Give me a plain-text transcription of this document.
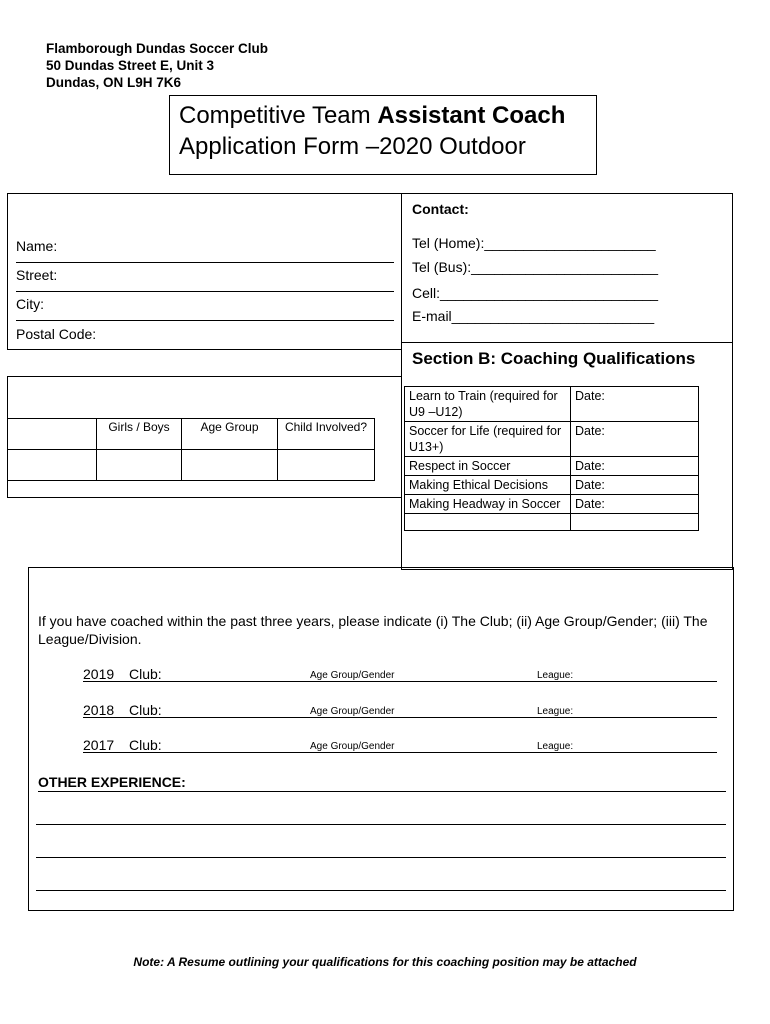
Flamborough Dundas Soccer Club
50 Dundas Street E, Unit 3
Dundas, ON L9H 7K6
Competitive Team Assistant Coach
Application Form –2020 Outdoor
Name:
Street:
City:
Postal Code:
Contact:
Tel (Home):______________________
Tel (Bus):________________________
Cell:____________________________
E-mail__________________________
Section B: Coaching Qualifications
Learn to Train (required for U9 –U12)	Date:
Soccer for Life (required for U13+)	Date:
Respect in Soccer	Date:
Making Ethical Decisions	Date:
Making Headway in Soccer	Date:

	Girls / Boys	Age Group	Child Involved?

If you have coached within the past three years, please indicate (i) The Club; (ii) Age Group/Gender; (iii) The League/Division.
2019 Club:	Age Group/Gender	League:
2018 Club:	Age Group/Gender	League:
2017 Club:	Age Group/Gender	League:
OTHER EXPERIENCE:
Note: A Resume outlining your qualifications for this coaching position may be attached
